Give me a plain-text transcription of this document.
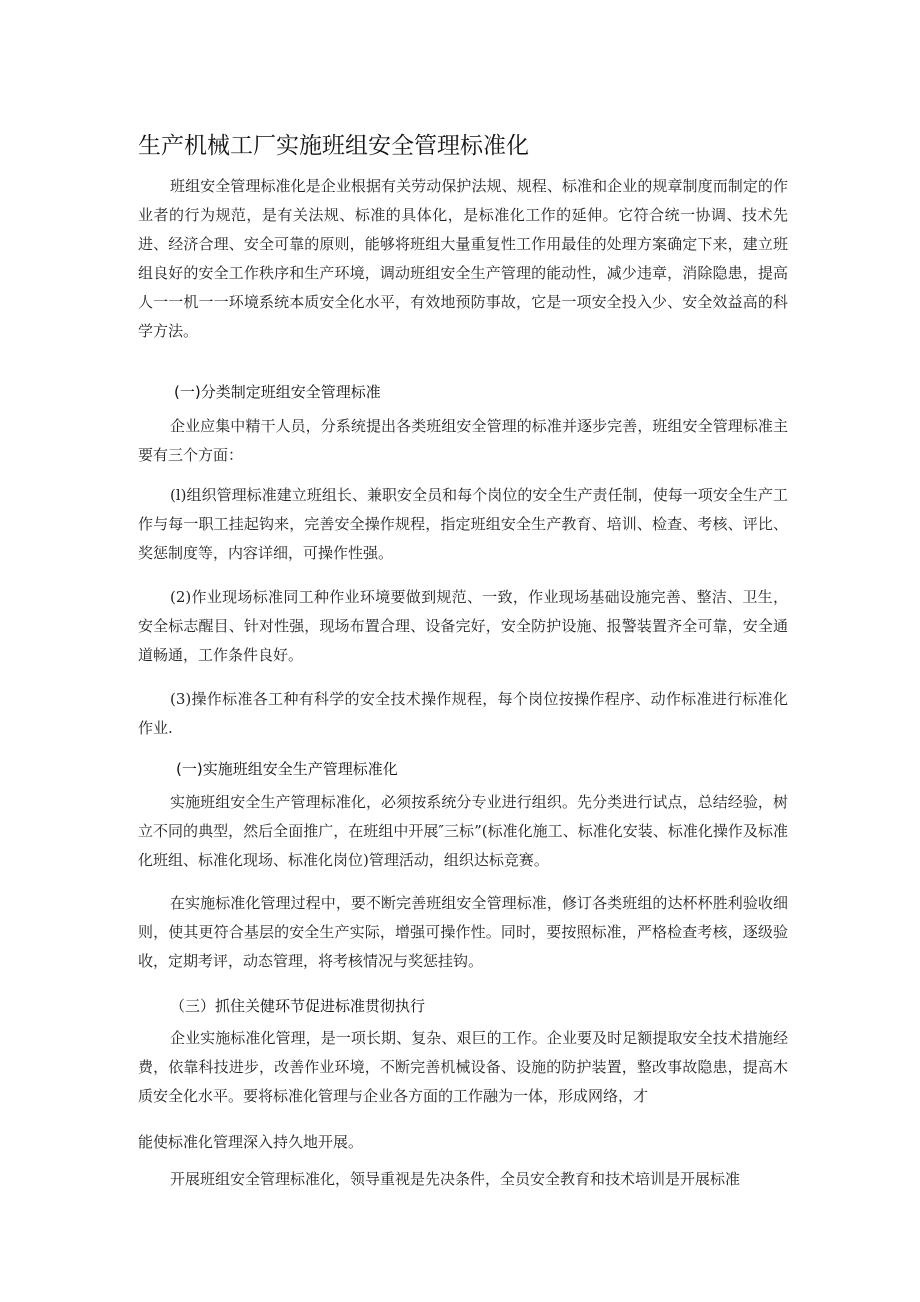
生产机械工厂实施班组安全管理标准化
班组安全管理标准化是企业根据有关劳动保护法规、规程、标准和企业的规章制度而制定的作业者的行为规范，是有关法规、标准的具体化，是标准化工作的延伸。它符合统一协调、技术先进、经济合理、安全可靠的原则，能够将班组大量重复性工作用最佳的处理方案确定下来，建立班组良好的安全工作秩序和生产环境，调动班组安全生产管理的能动性，减少违章，消除隐患，提高人一一机一一环境系统本质安全化水平，有效地预防事故，它是一项安全投入少、安全效益高的科学方法。
(一)分类制定班组安全管理标准
企业应集中精干人员，分系统提出各类班组安全管理的标准并逐步完善，班组安全管理标准主要有三个方面：
(l)组织管理标准建立班组长、兼职安全员和每个岗位的安全生产责任制，使每一项安全生产工作与每一职工挂起钩来，完善安全操作规程，指定班组安全生产教育、培训、检查、考核、评比、奖惩制度等，内容详细，可操作性强。
(2)作业现场标准同工种作业环境要做到规范、一致，作业现场基础设施完善、整洁、卫生，安全标志醒目、针对性强，现场布置合理、设备完好，安全防护设施、报警装置齐全可靠，安全通道畅通，工作条件良好。
(3)操作标准各工种有科学的安全技术操作规程，每个岗位按操作程序、动作标准进行标准化作业.
(一)实施班组安全生产管理标准化
实施班组安全生产管理标准化，必须按系统分专业进行组织。先分类进行试点，总结经验，树立不同的典型，然后全面推广，在班组中开展″三标”(标准化施工、标准化安装、标准化操作及标准化班组、标准化现场、标准化岗位)管理活动，组织达标竞赛。
在实施标准化管理过程中，要不断完善班组安全管理标准，修订各类班组的达杯杯胜利验收细则，使其更符合基层的安全生产实际，增强可操作性。同时，要按照标准，严格检查考核，逐级验收，定期考评，动态管理，将考核情况与奖惩挂钩。
（三）抓住关健环节促进标准贯彻执行
企业实施标准化管理，是一项长期、复杂、艰巨的工作。企业要及时足额提取安全技术措施经费，依靠科技进步，改善作业环境，不断完善机械设备、设施的防护装置，整改事故隐患，提高木质安全化水平。要将标准化管理与企业各方面的工作融为一体，形成网络，才
能使标准化管理深入持久地开展。
开展班组安全管理标准化，领导重视是先决条件，全员安全教育和技术培训是开展标准
